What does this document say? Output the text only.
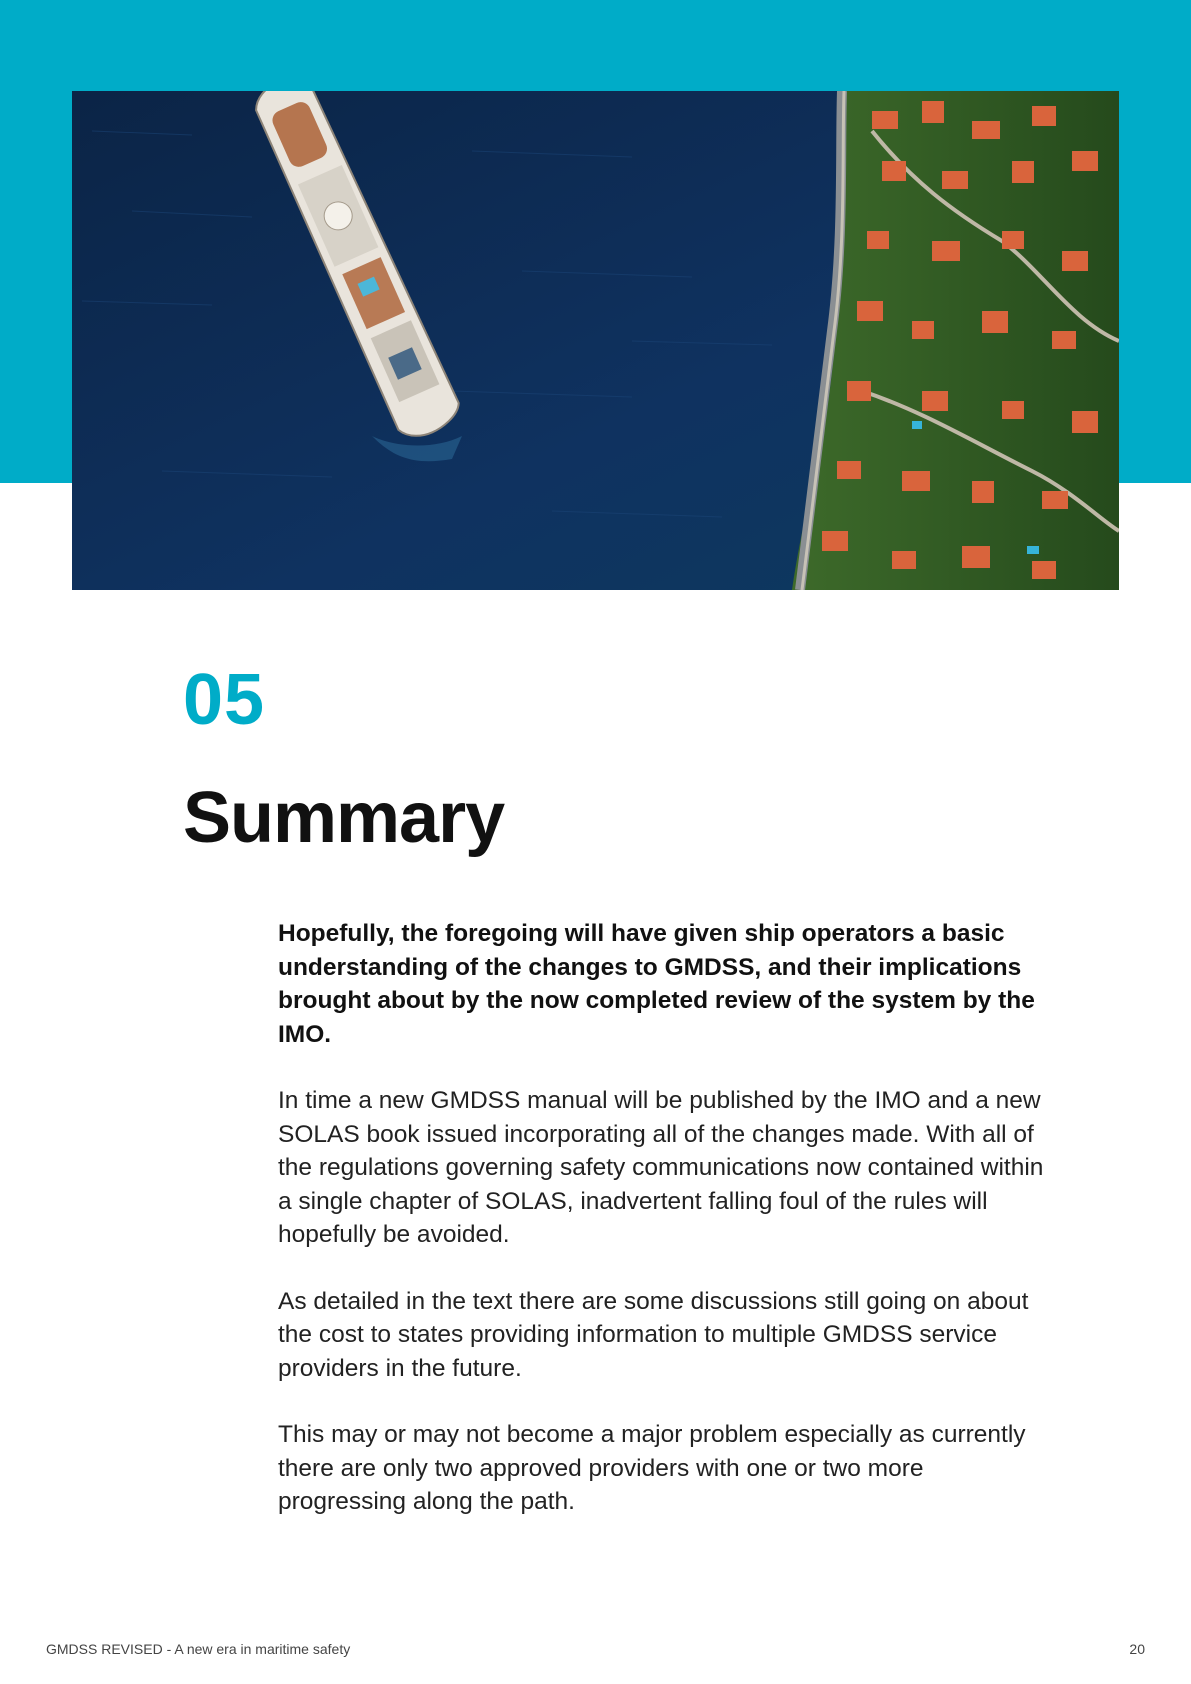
05
Summary

Hopefully, the foregoing will have given ship operators a basic understanding of the changes to GMDSS, and their implications brought about by the now completed review of the system by the IMO.

In time a new GMDSS manual will be published by the IMO and a new SOLAS book issued incorporating all of the changes made. With all of the regulations governing safety communications now contained within a single chapter of SOLAS, inadvertent falling foul of the rules will hopefully be avoided.

As detailed in the text there are some discussions still going on about the cost to states providing information to multiple GMDSS service providers in the future.

This may or may not become a major problem especially as currently there are only two approved providers with one or two more progressing along the path.

GMDSS REVISED - A new era in maritime safety	20
